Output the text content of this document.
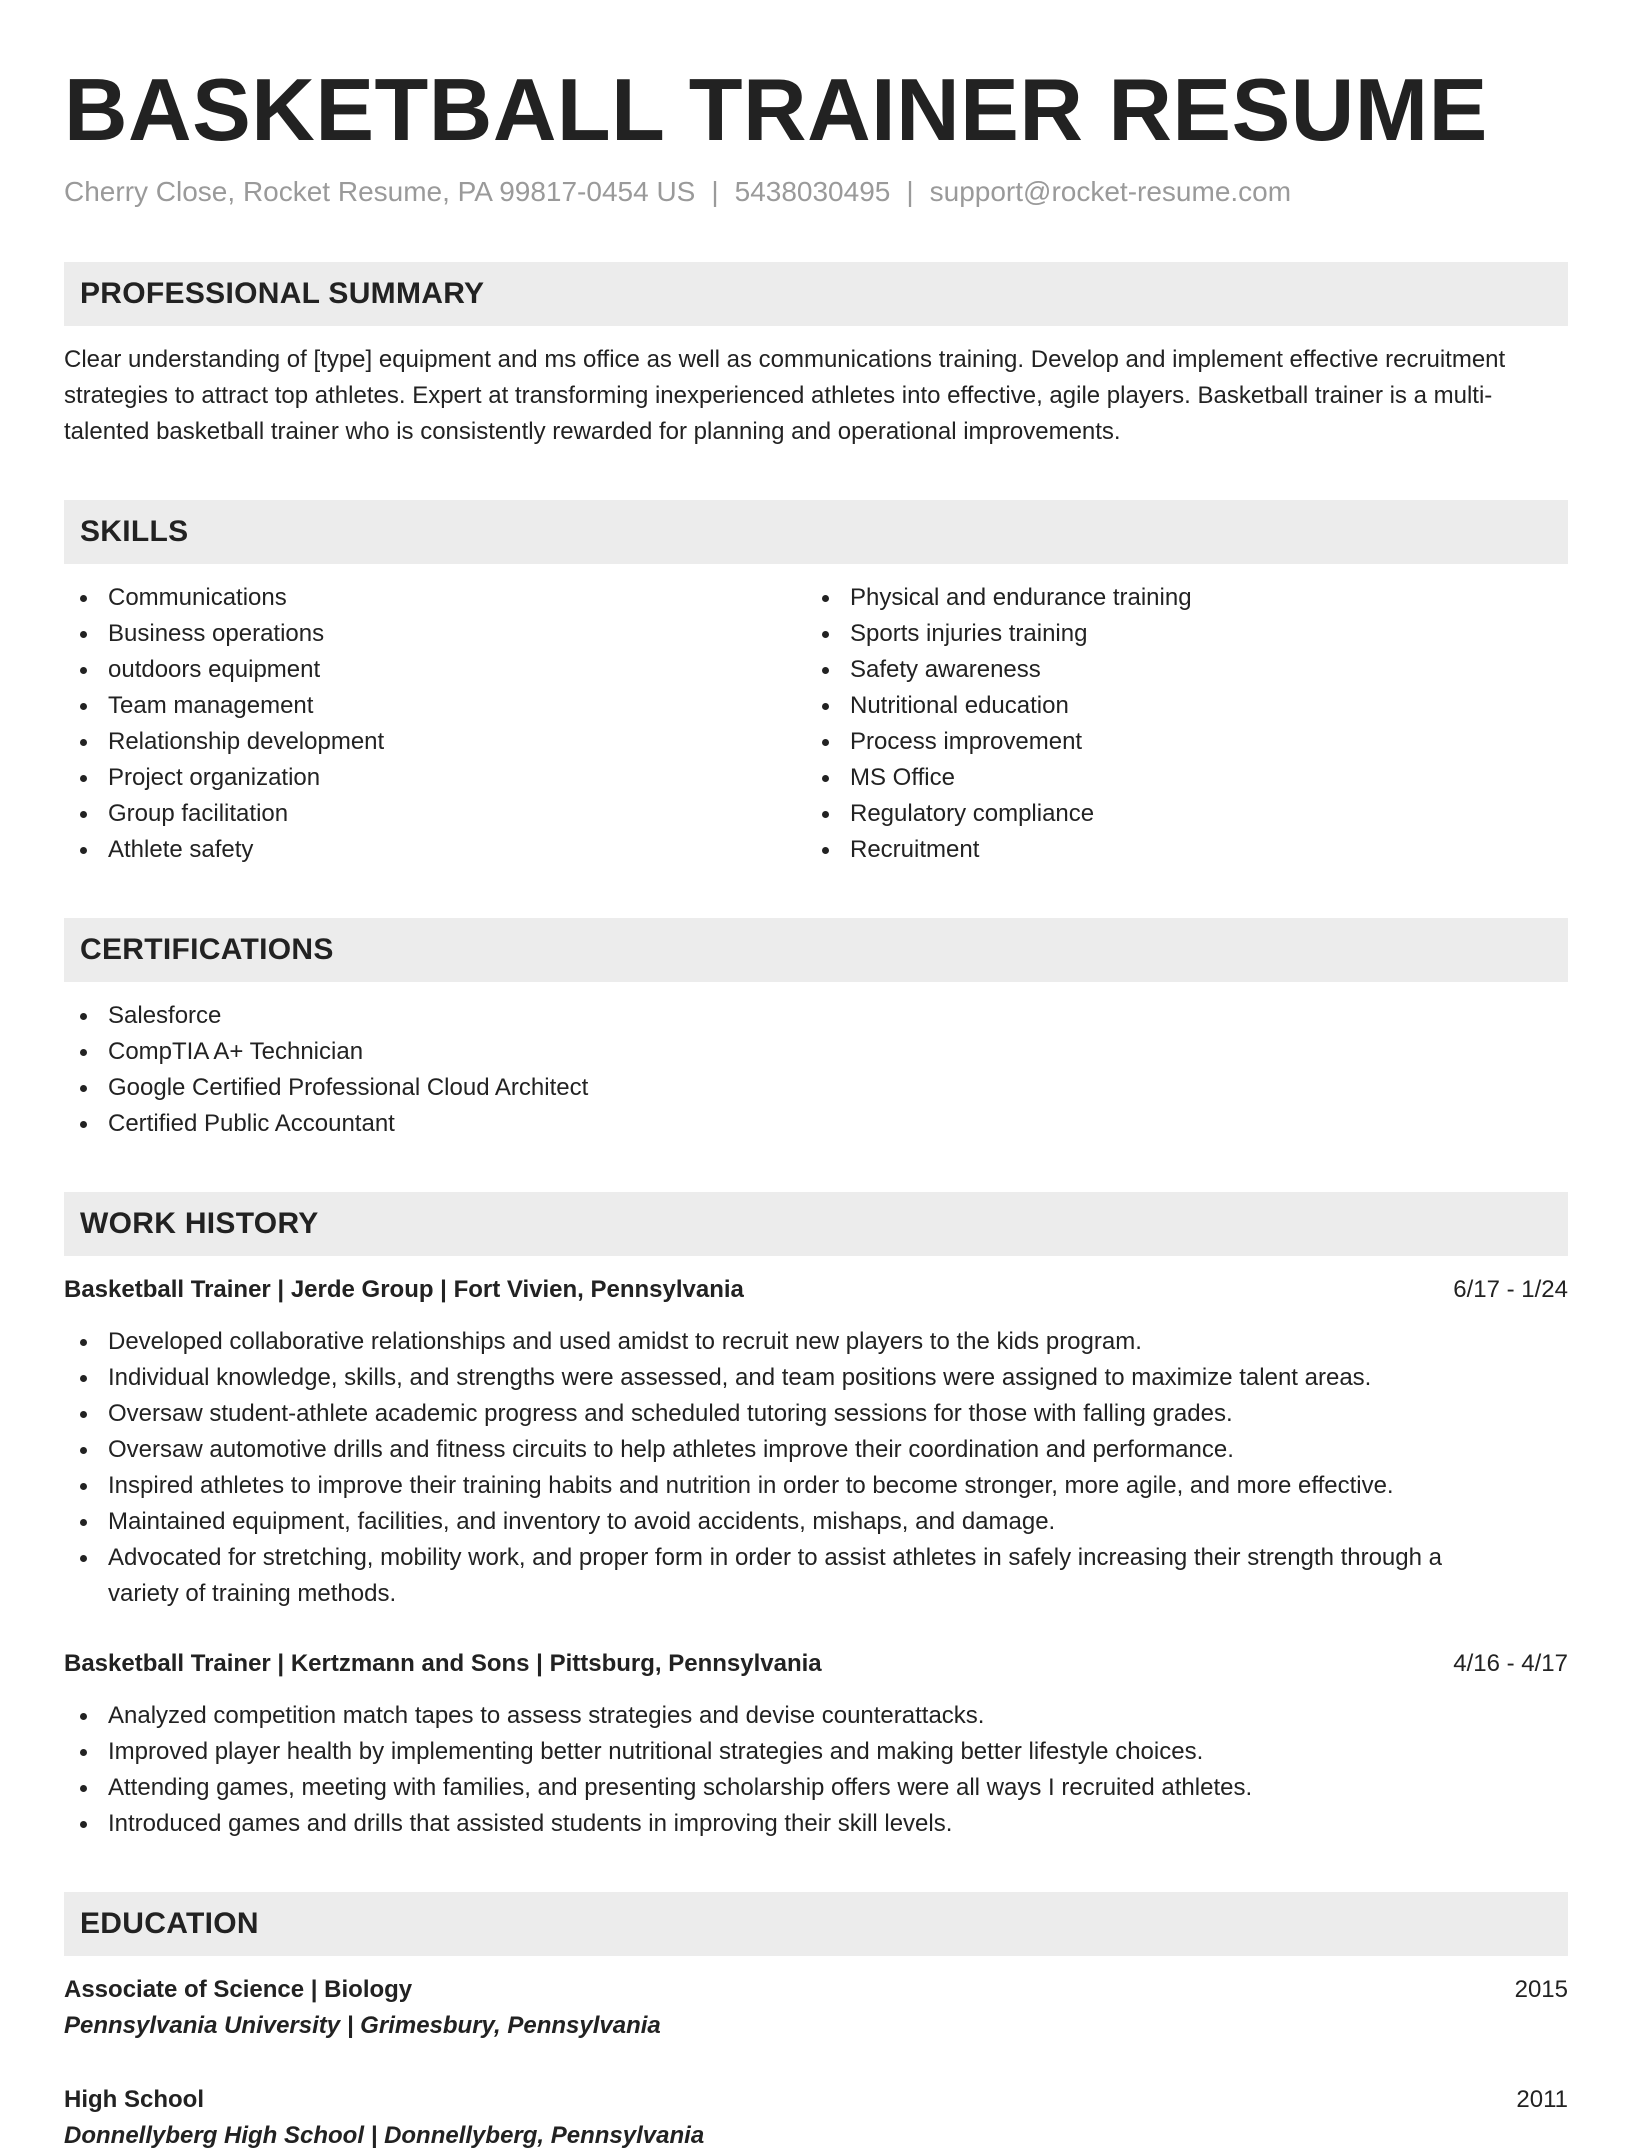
BASKETBALL TRAINER RESUME
Cherry Close, Rocket Resume, PA 99817-0454 US | 5438030495 | support@rocket-resume.com
PROFESSIONAL SUMMARY
Clear understanding of [type] equipment and ms office as well as communications training. Develop and implement effective recruitment strategies to attract top athletes. Expert at transforming inexperienced athletes into effective, agile players. Basketball trainer is a multi-talented basketball trainer who is consistently rewarded for planning and operational improvements.
SKILLS
Communications
Business operations
outdoors equipment
Team management
Relationship development
Project organization
Group facilitation
Athlete safety
Physical and endurance training
Sports injuries training
Safety awareness
Nutritional education
Process improvement
MS Office
Regulatory compliance
Recruitment
CERTIFICATIONS
Salesforce
CompTIA A+ Technician
Google Certified Professional Cloud Architect
Certified Public Accountant
WORK HISTORY
Basketball Trainer | Jerde Group | Fort Vivien, Pennsylvania	6/17 - 1/24
Developed collaborative relationships and used amidst to recruit new players to the kids program.
Individual knowledge, skills, and strengths were assessed, and team positions were assigned to maximize talent areas.
Oversaw student-athlete academic progress and scheduled tutoring sessions for those with falling grades.
Oversaw automotive drills and fitness circuits to help athletes improve their coordination and performance.
Inspired athletes to improve their training habits and nutrition in order to become stronger, more agile, and more effective.
Maintained equipment, facilities, and inventory to avoid accidents, mishaps, and damage.
Advocated for stretching, mobility work, and proper form in order to assist athletes in safely increasing their strength through a variety of training methods.
Basketball Trainer | Kertzmann and Sons | Pittsburg, Pennsylvania	4/16 - 4/17
Analyzed competition match tapes to assess strategies and devise counterattacks.
Improved player health by implementing better nutritional strategies and making better lifestyle choices.
Attending games, meeting with families, and presenting scholarship offers were all ways I recruited athletes.
Introduced games and drills that assisted students in improving their skill levels.
EDUCATION
Associate of Science | Biology	2015
Pennsylvania University | Grimesbury, Pennsylvania
High School	2011
Donnellyberg High School | Donnellyberg, Pennsylvania
